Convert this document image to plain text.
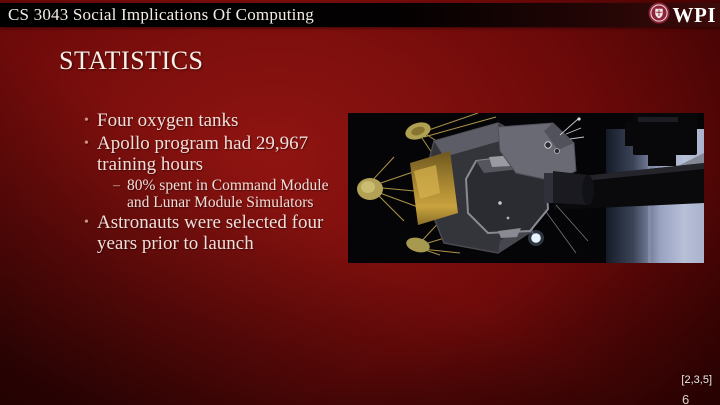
CS 3043 Social Implications Of Computing	WPI
STATISTICS
• Four oxygen tanks
• Apollo program had 29,967 training hours
– 80% spent in Command Module and Lunar Module Simulators
• Astronauts were selected four years prior to launch
[2,3,5]
6
